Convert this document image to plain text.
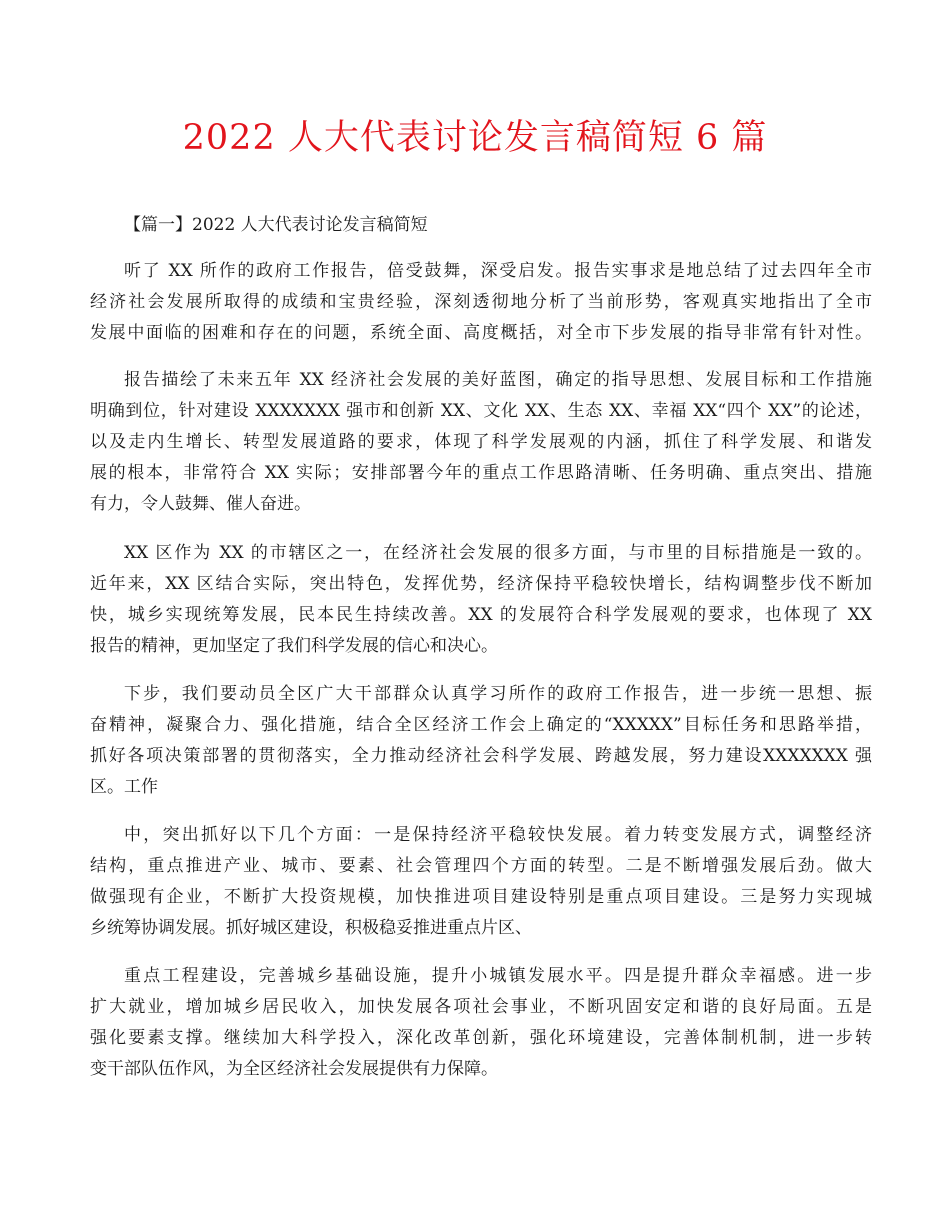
2022 人大代表讨论发言稿简短 6 篇
【篇一】2022 人大代表讨论发言稿简短
听了 XX 所作的政府工作报告，倍受鼓舞，深受启发。报告实事求是地总结了过去四年全市
经济社会发展所取得的成绩和宝贵经验，深刻透彻地分析了当前形势，客观真实地指出了全市
发展中面临的困难和存在的问题，系统全面、高度概括，对全市下步发展的指导非常有针对性。
报告描绘了未来五年 XX 经济社会发展的美好蓝图，确定的指导思想、发展目标和工作措施
明确到位，针对建设 XXXXXXX 强市和创新 XX、文化 XX、生态 XX、幸福 XX“四个 XX”的论述，
以及走内生增长、转型发展道路的要求，体现了科学发展观的内涵，抓住了科学发展、和谐发
展的根本，非常符合 XX 实际；安排部署今年的重点工作思路清晰、任务明确、重点突出、措施
有力，令人鼓舞、催人奋进。
XX 区作为 XX 的市辖区之一，在经济社会发展的很多方面，与市里的目标措施是一致的。
近年来，XX 区结合实际，突出特色，发挥优势，经济保持平稳较快增长，结构调整步伐不断加
快，城乡实现统筹发展，民本民生持续改善。XX 的发展符合科学发展观的要求，也体现了 XX
报告的精神，更加坚定了我们科学发展的信心和决心。
下步，我们要动员全区广大干部群众认真学习所作的政府工作报告，进一步统一思想、振
奋精神，凝聚合力、强化措施，结合全区经济工作会上确定的“XXXXX”目标任务和思路举措，
抓好各项决策部署的贯彻落实，全力推动经济社会科学发展、跨越发展，努力建设XXXXXXX 强
区。工作
中，突出抓好以下几个方面：一是保持经济平稳较快发展。着力转变发展方式，调整经济
结构，重点推进产业、城市、要素、社会管理四个方面的转型。二是不断增强发展后劲。做大
做强现有企业，不断扩大投资规模，加快推进项目建设特别是重点项目建设。三是努力实现城
乡统筹协调发展。抓好城区建设，积极稳妥推进重点片区、
重点工程建设，完善城乡基础设施，提升小城镇发展水平。四是提升群众幸福感。进一步
扩大就业，增加城乡居民收入，加快发展各项社会事业，不断巩固安定和谐的良好局面。五是
强化要素支撑。继续加大科学投入，深化改革创新，强化环境建设，完善体制机制，进一步转
变干部队伍作风，为全区经济社会发展提供有力保障。
